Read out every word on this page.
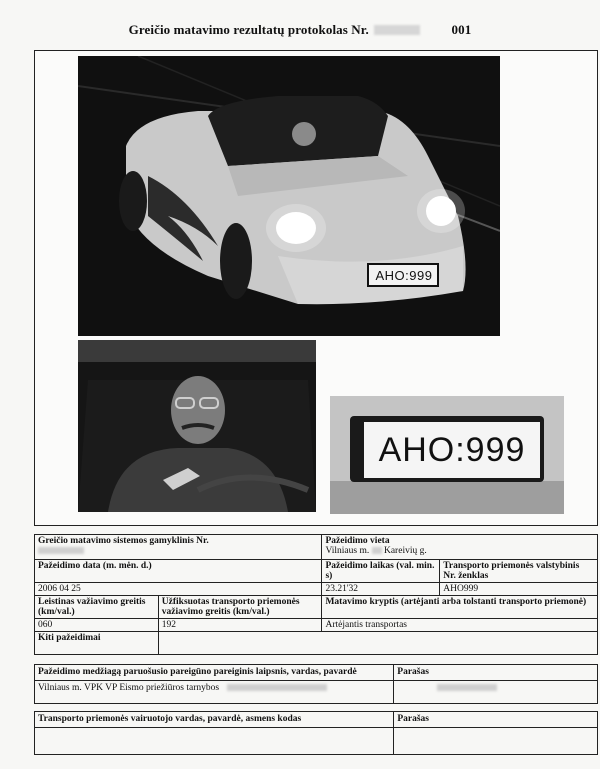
Greičio matavimo rezultatų protokolas Nr.	001
AHO:999
AHO:999
Greičio matavimo sistemos gamyklinis Nr.		Pažeidimo vieta
Vilniaus m. Kareivių g.	

Pažeidimo data (m. mėn. d.)		Pažeidimo laikas (val. min. s)	Transporto priemonės valstybinis Nr. ženklas
2006 04 25		23.21'32	AHO999
Leistinas važiavimo greitis (km/val.)	Užfiksuotas transporto priemonės važiavimo greitis (km/val.)	Matavimo kryptis (artėjanti arba tolstanti transporto priemonė)	
060	192	Artėjantis transportas	
Kiti pažeidimai			
Pažeidimo medžiagą paruošusio pareigūno pareiginis laipsnis, vardas, pavardė	Parašas
Vilniaus m. VPK VP Eismo priežiūros tarnybos	
Transporto priemonės vairuotojo vardas, pavardė, asmens kodas	Parašas
